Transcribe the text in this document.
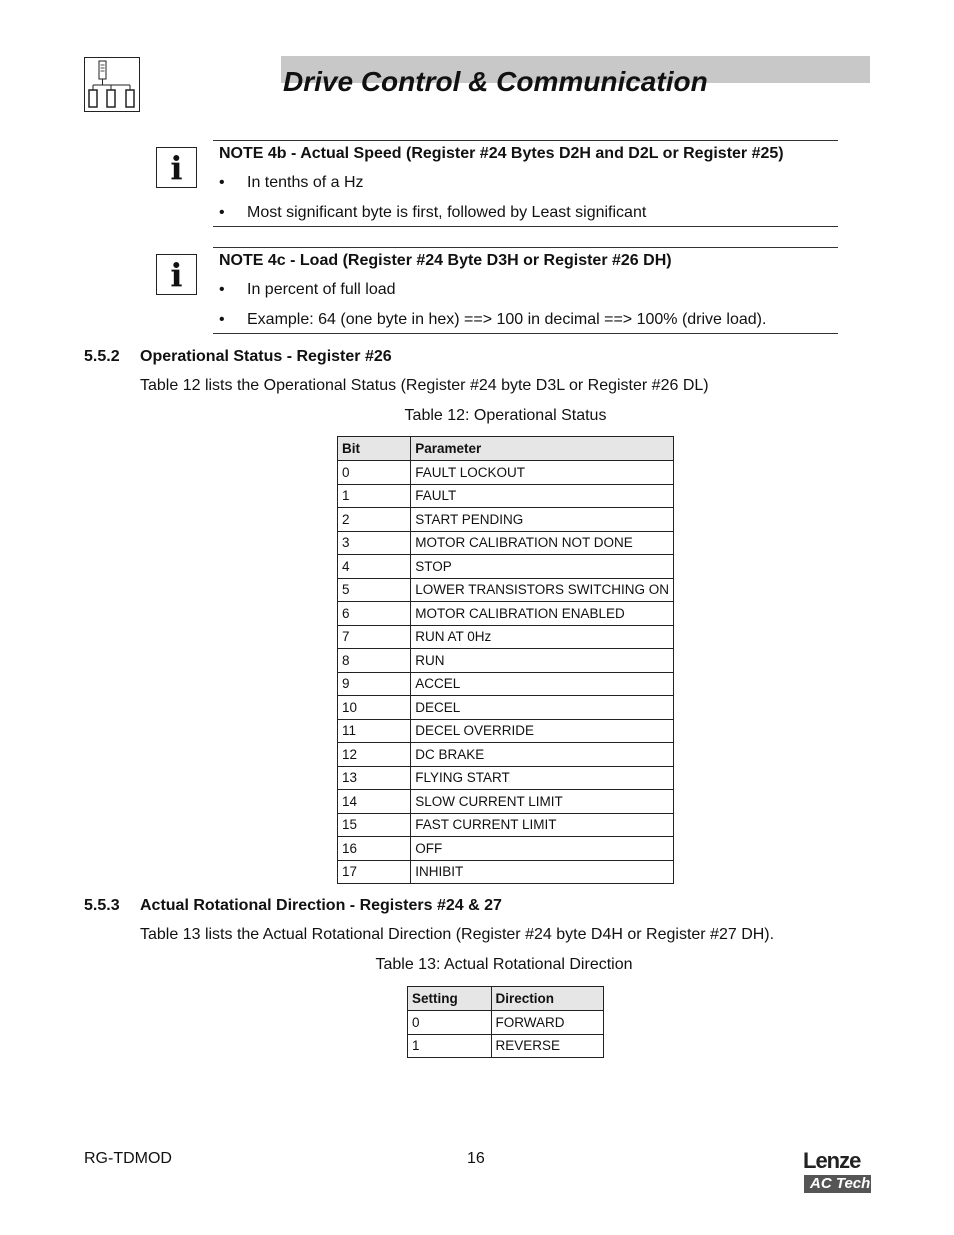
Drive Control & Communication
i	NOTE 4b - Actual Speed (Register #24 Bytes D2H and D2L or Register #25)
• In tenths of a Hz
• Most significant byte is first, followed by Least significant
i	NOTE 4c - Load (Register #24 Byte D3H or Register #26 DH)
• In percent of full load
• Example: 64 (one byte in hex) ==> 100 in decimal ==> 100% (drive load).
5.5.2 Operational Status - Register #26
Table 12 lists the Operational Status (Register #24 byte D3L or Register #26 DL)
Table 12: Operational Status
Bit	Parameter
0	FAULT LOCKOUT
1	FAULT
2	START PENDING
3	MOTOR CALIBRATION NOT DONE
4	STOP
5	LOWER TRANSISTORS SWITCHING ON
6	MOTOR CALIBRATION ENABLED
7	RUN AT 0Hz
8	RUN
9	ACCEL
10	DECEL
11	DECEL OVERRIDE
12	DC BRAKE
13	FLYING START
14	SLOW CURRENT LIMIT
15	FAST CURRENT LIMIT
16	OFF
17	INHIBIT
5.5.3 Actual Rotational Direction - Registers #24 & 27
Table 13 lists the Actual Rotational Direction (Register #24 byte D4H or Register #27 DH).
Table 13: Actual Rotational Direction
Setting	Direction
0	FORWARD
1	REVERSE
RG-TDMOD	16	Lenze
AC Tech
